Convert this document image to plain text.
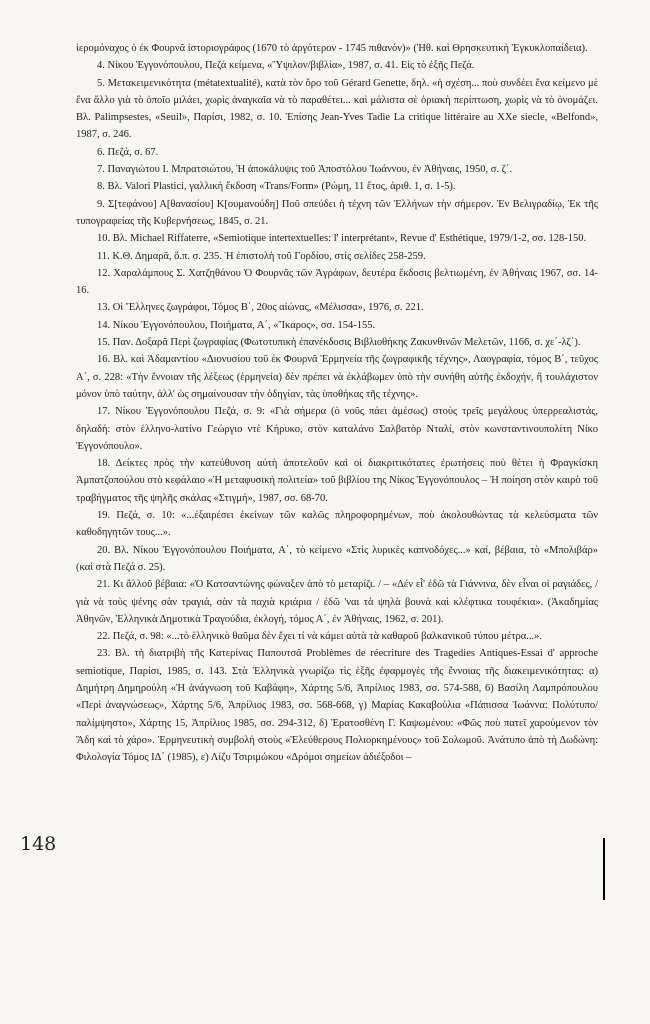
148

ἱερομόναχος ὁ ἐκ Φουρνᾶ ἱστοριογράφος (1670 τὸ ἀργότερον - 1745 πιθανόν)» (Ἠθ. καὶ Θρησκευτικὴ Ἐγκυκλοπαίδεια).

4. Νίκου Ἐγγονόπουλου, Πεζά κείμενα, «Ὕψιλον/βιβλία», 1987, σ. 41. Εἰς τὸ ἐξῆς Πεζά.

5. Μετακειμενικότητα (métatextualité), κατὰ τὸν ὅρο τοῦ Gérard Genette, δηλ. «ἡ σχέση... ποὺ συνδέει ἕνα κείμενο μὲ ἕνα ἄλλο γιὰ τὸ ὁποῖο μιλάει, χωρὶς ἀναγκαῖα νὰ τὸ παραθέτει... καὶ μάλιστα σὲ ὁριακὴ περίπτωση, χωρὶς νὰ τὸ ὀνομάζει. Βλ. Palimpsestes, «Seuil», Παρίσι, 1982, σ. 10. Ἐπίσης Jean-Yves Tadie La critique littéraire au XXe siecle, «Belfond», 1987, σ. 246.

6. Πεζά, σ. 67.

7. Παναγιώτου Ι. Μπρατσιώτου, Ἡ ἀποκάλυψις τοῦ Ἀποστόλου Ἰωάννου, ἐν Ἀθήναις, 1950, σ. ζ΄.

8. Βλ. Valori Plastici, γαλλικὴ ἔκδοση «Trans/Form» (Ρώμη, 11 ἔτος, ἀριθ. 1, σ. 1-5).

9. Σ[τεφάνου] Α[θανασίου] Κ[ουμανούδη] Ποῦ σπεύδει ἡ τέχνη τῶν Ἑλλήνων τὴν σήμερον. Ἐν Βελιγραδίῳ, Ἐκ τῆς τυπογραφείας τῆς Κυβερνήσεως, 1845, σ. 21.

10. Βλ. Michael Riffaterre, «Semiotique intertextuelles: l' interprétant», Revue d' Esthétique, 1979/1-2, σσ. 128-150.

11. Κ.Θ. Δημαρᾶ, ὅ.π. σ. 235. Ἡ ἐπιστολὴ τοῦ Γορδίου, στὶς σελίδες 258-259.

12. Χαραλάμπους Σ. Χατζηθάνου Ὁ Φουρνᾶς τῶν Ἀγράφων, δευτέρα ἔκδοσις βελτιωμένη, ἐν Ἀθήναις 1967, σσ. 14-16.

13. Οἱ Ἕλληνες ζωγράφοι, Τόμος Β΄, 20ος αἰώνας, «Μέλισσα», 1976, σ. 221.

14. Νίκου Ἐγγονόπουλου, Ποιήματα, Α΄, «Ἴκαρος», σσ. 154-155.

15. Παν. Δοξαρᾶ Περὶ ζωγραφίας (Φωτοτυπικὴ ἐπανέκδοσις Βιβλιοθήκης Ζακυνθινῶν Μελετῶν, 1166, σ. χε΄-λζ΄).

16. Βλ. καὶ Ἀδαμαντίου «Διονυσίου τοῦ ἐκ Φουρνᾶ Ἑρμηνεία τῆς ζωγραφικῆς τέχνης», Λαογραφία, τόμος Β΄, τεῦχος Α΄, σ. 228: «Τὴν ἔννοιαν τῆς λέξεως (ἑρμηνεία) δὲν πρέπει νὰ ἐκλάβωμεν ὑπὸ τὴν συνήθη αὐτῆς ἐκδοχήν, ἢ τουλάχιστον μόνον ὑπὸ ταύτην, ἀλλ' ὡς σημαίνουσαν τὴν ὁδηγίαν, τὰς ὑποθήκας τῆς τέχνης».

17. Νίκου Ἐγγονόπουλου Πεζά, σ. 9: «Γιὰ σήμερα (ὁ νοῦς πάει ἀμέσως) στοὺς τρεῖς μεγάλους ὑπερρεαλιστάς, δηλαδή: στὸν ἑλληνο-λατίνο Γεώργιο ντὲ Κήρυκο, στὸν καταλάνο Σαλβατὸρ Νταλί, στὸν κωνσταντινουπολίτη Νίκο Ἐγγονόπουλο».

18. Δείκτες πρὸς τὴν κατεύθυνση αὐτὴ ἀποτελοῦν καὶ οἱ διακριτικότατες ἐρωτήσεις ποὺ θέτει ἡ Φραγκίσκη Ἀμπατζοπούλου στὸ κεφάλαιο «Ἡ μεταφυσικὴ πολιτεία» τοῦ βιβλίου της Νίκος Ἐγγονόπουλος – Ἡ ποίηση στὸν καιρὸ τοῦ τραβήγματος τῆς ψηλῆς σκάλας «Στιγμή», 1987, σσ. 68-70.

19. Πεζά, σ. 10: «...ἐξαιρέσει ἐκείνων τῶν καλῶς πληροφορημένων, ποὺ ἀκολουθώντας τὰ κελεύσματα τῶν καθοδηγητῶν τους...».

20. Βλ. Νίκου Ἐγγονόπουλου Ποιήματα, Α΄, τὸ κείμενο «Στὶς λυρικὲς καπνοδόχες...» καί, βέβαια, τὸ «Μπολιβάρ» (καὶ στὰ Πεζά σ. 25).

21. Κι ἄλλοῦ βέβαια: «Ὁ Κατσαντώνης φώναξεν ἀπὸ τὸ μεταρίζι. / – «Δέν εἶ' ἐδῶ τὰ Γιάννινα, δὲν εἶναι οἱ ραγιάδες, / γιὰ νὰ τοὺς ψένης σὰν τραγιά, σὰν τὰ παχιὰ κριάρια / ἐδῶ 'ναι τὰ ψηλὰ βουνὰ καὶ κλέφτικα τουφέκια». (Ἀκαδημίας Ἀθηνῶν, Ἑλληνικὰ Δημοτικὰ Τραγούδια, ἐκλογή, τόμος Α΄, ἐν Ἀθήναις, 1962, σ. 201).

22. Πεζά, σ. 98: «...τὸ ἑλληνικὸ θαῦμα δὲν ἔχει τί νὰ κάμει αὐτὰ τὰ καθαροῦ βαλκανικοῦ τύπου μέτρα...».

23. Βλ. τὴ διατριβὴ τῆς Κατερίνας Παπουτσᾶ Problèmes de réecriture des Tragedies Antiques-Essai d' approche semiotique, Παρίσι, 1985, σ. 143. Στὰ Ἑλληνικὰ γνωρίζω τὶς ἑξῆς ἐφαρμογὲς τῆς ἔννοιας τῆς διακειμενικότητας: α) Δημήτρη Δημηρούλη «Ἡ ἀνάγνωση τοῦ Καβάφη», Χάρτης 5/6, Ἀπρίλιος 1983, σσ. 574-588, 6) Βασίλη Λαμπρόπουλου «Περὶ ἀναγνώσεως», Χάρτης 5/6, Ἀπρίλιος 1983, σσ. 568-668, γ) Μαρίας Κακαβούλια «Πάπισσα Ἰωάννα: Πολύτυπο/παλίμψηστο», Χάρτης 15, Ἀπρίλιος 1985, σσ. 294-312, δ) Ἐρατοσθένη Γ. Καψωμένου: «Φῶς ποὺ πατεῖ χαρούμενον τὸν Ἅδη καὶ τὸ χάρο». Ἑρμηνευτικὴ συμβολὴ στοὺς «Ἐλεύθερους Πολιορκημένους» τοῦ Σολωμοῦ. Ἀνάτυπο ἀπὸ τὴ Δωδώνη: Φιλολογία Τόμος ΙΔ΄ (1985), ε) Λίζυ Τσιριμώκου «Δρόμοι σημείων ἀδιέξοδοι –
